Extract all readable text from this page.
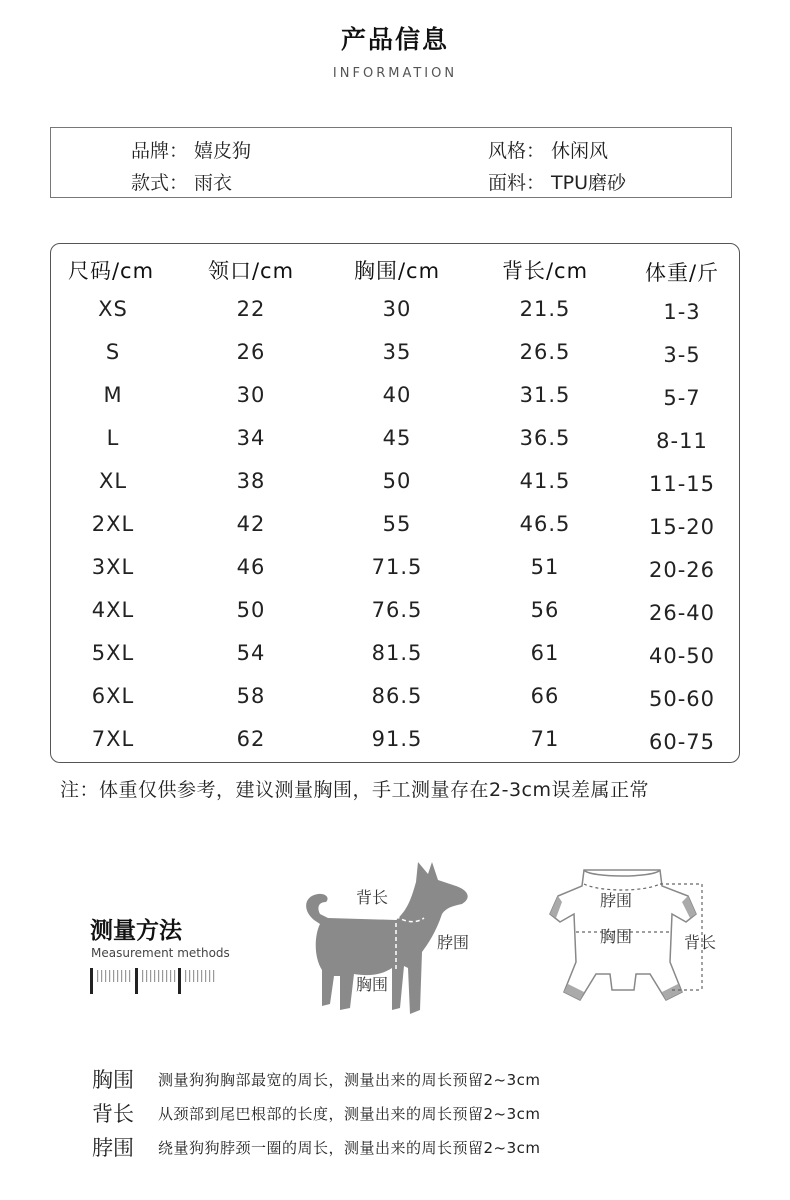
产品信息
INFORMATION
品牌： 嬉皮狗	风格： 休闲风
款式： 雨衣	面料： TPU磨砂
尺码/cm	领口/cm	胸围/cm	背长/cm	体重/斤
XS	22	30	21.5	1-3
S	26	35	26.5	3-5
M	30	40	31.5	5-7
L	34	45	36.5	8-11
XL	38	50	41.5	11-15
2XL	42	55	46.5	15-20
3XL	46	71.5	51	20-26
4XL	50	76.5	56	26-40
5XL	54	81.5	61	40-50
6XL	58	86.5	66	50-60
7XL	62	91.5	71	60-75
注：体重仅供参考，建议测量胸围，手工测量存在2-3cm误差属正常
测量方法
Measurement methods
背长
脖围
胸围
脖围
胸围	背长
胸围 测量狗狗胸部最宽的周长，测量出来的周长预留2~3cm
背长 从颈部到尾巴根部的长度，测量出来的周长预留2~3cm
脖围 绕量狗狗脖颈一圈的周长，测量出来的周长预留2~3cm
